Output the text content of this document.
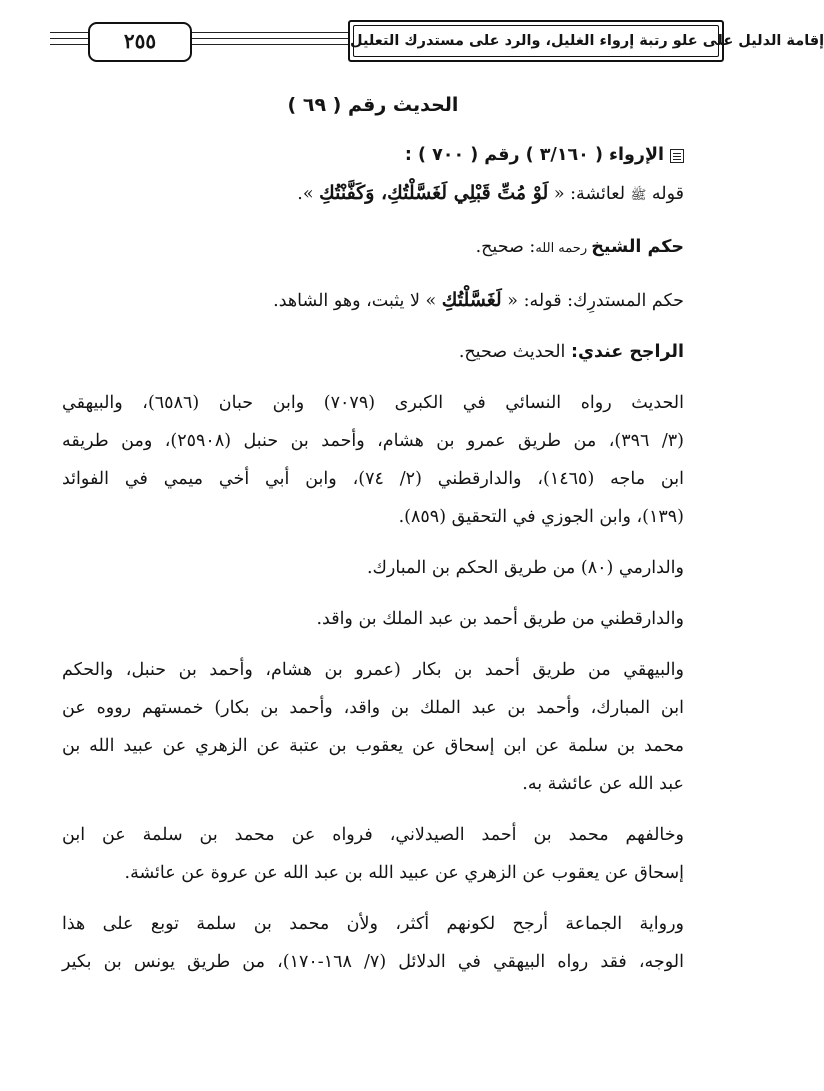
٢٥٥	إقامة الدليل على علو رتبة إرواء الغليل، والرد على مستدرك التعليل
الحديث رقم ( ٦٩ )
الإرواء ( ٣/١٦٠ ) رقم ( ٧٠٠ ) :
قوله ﷺ لعائشة: « لَوْ مُتِّ قَبْلِي لَغَسَّلْتُكِ، وَكَفَّنْتُكِ ».
حكم الشيخ رحمه الله: صحيح.
حكم المستدرِك: قوله: « لَغَسَّلْتُكِ » لا يثبت، وهو الشاهد.
الراجح عندي: الحديث صحيح.
الحديث رواه النسائي في الكبرى (٧٠٧٩) وابن حبان (٦٥٨٦)، والبيهقي
(٣/ ٣٩٦)، من طريق عمرو بن هشام، وأحمد بن حنبل (٢٥٩٠٨)، ومن طريقه
ابن ماجه (١٤٦٥)، والدارقطني (٢/ ٧٤)، وابن أبي أخي ميمي في الفوائد
(١٣٩)، وابن الجوزي في التحقيق (٨٥٩).
والدارمي (٨٠) من طريق الحكم بن المبارك.
والدارقطني من طريق أحمد بن عبد الملك بن واقد.
والبيهقي من طريق أحمد بن بكار (عمرو بن هشام، وأحمد بن حنبل، والحكم
ابن المبارك، وأحمد بن عبد الملك بن واقد، وأحمد بن بكار) خمستهم رووه عن
محمد بن سلمة عن ابن إسحاق عن يعقوب بن عتبة عن الزهري عن عبيد الله بن
عبد الله عن عائشة به.
وخالفهم محمد بن أحمد الصيدلاني، فرواه عن محمد بن سلمة عن ابن
إسحاق عن يعقوب عن الزهري عن عبيد الله بن عبد الله عن عروة عن عائشة.
ورواية الجماعة أرجح لكونهم أكثر، ولأن محمد بن سلمة توبع على هذا
الوجه، فقد رواه البيهقي في الدلائل (٧/ ١٦٨-١٧٠)، من طريق يونس بن بكير
